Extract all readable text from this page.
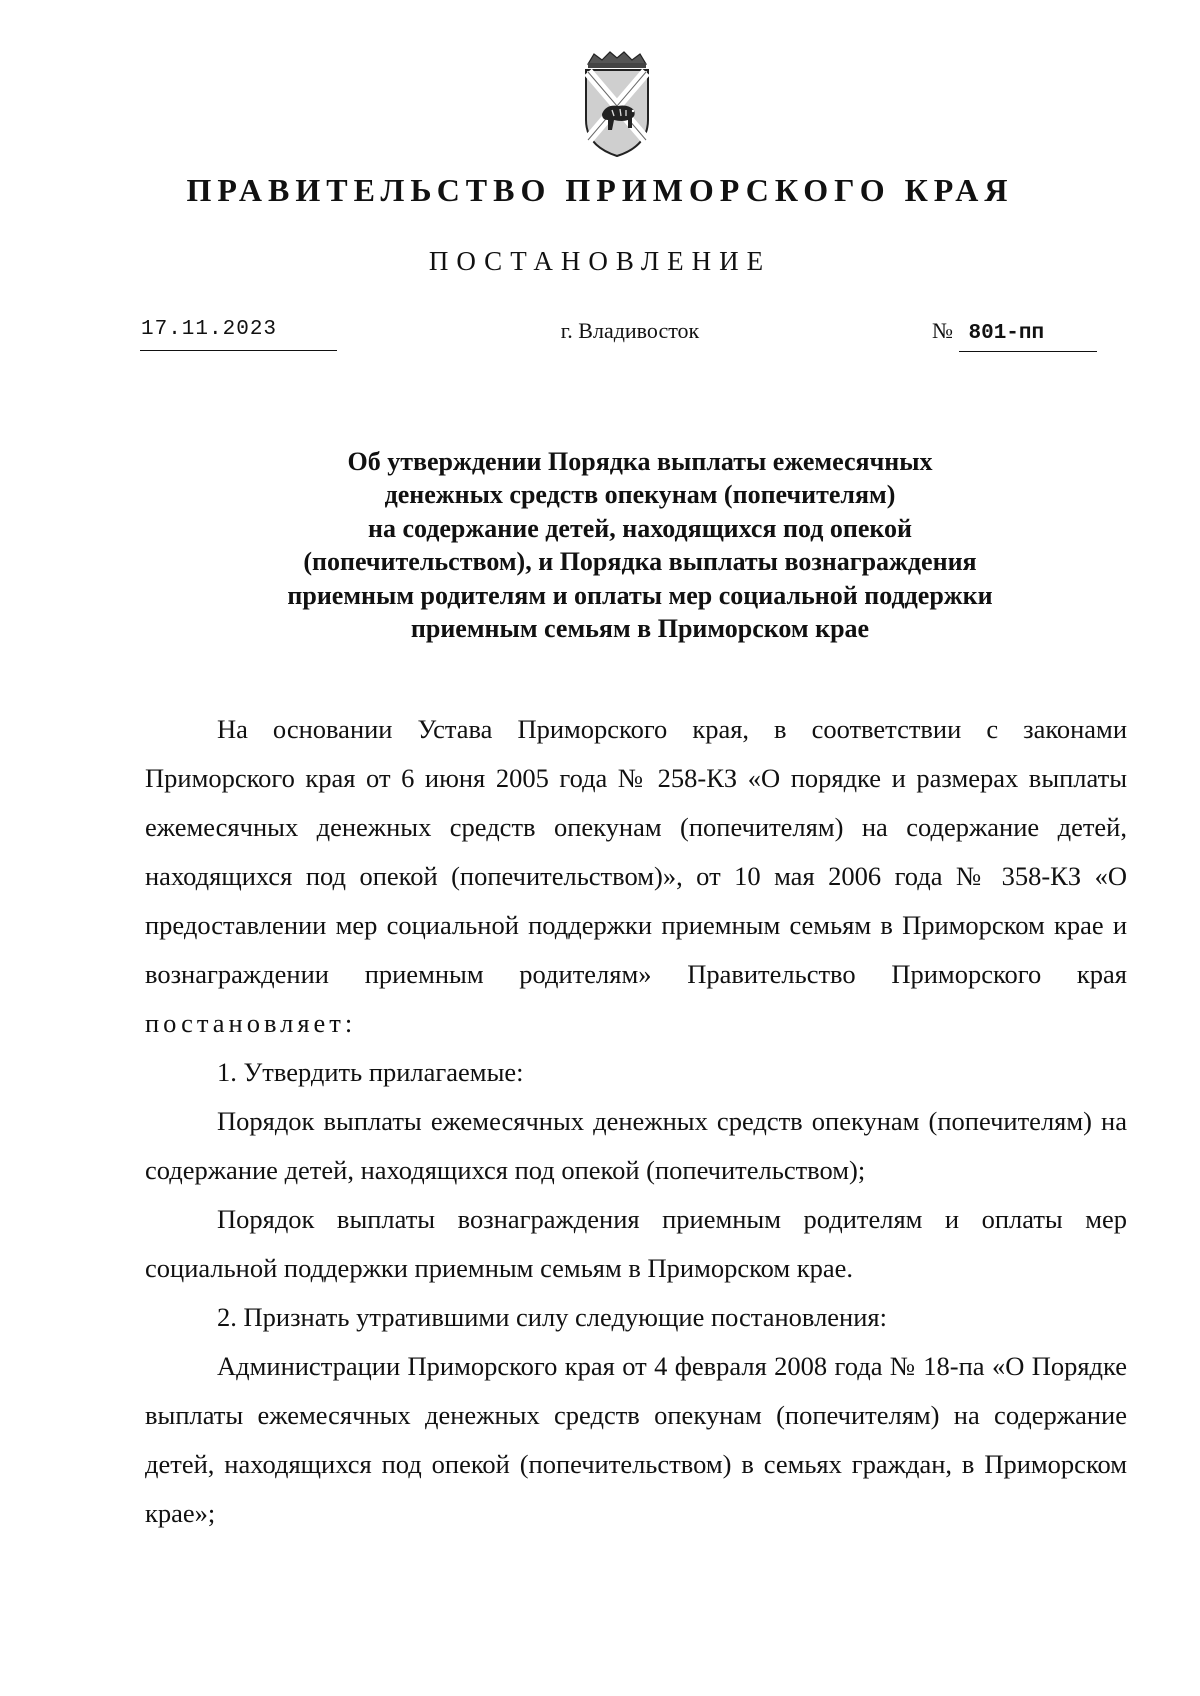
ПРАВИТЕЛЬСТВО ПРИМОРСКОГО КРАЯ
ПОСТАНОВЛЕНИЕ
17.11.2023	г. Владивосток	№ 801-пп
Об утверждении Порядка выплаты ежемесячных
денежных средств опекунам (попечителям)
на содержание детей, находящихся под опекой
(попечительством), и Порядка выплаты вознаграждения
приемным родителям и оплаты мер социальной поддержки
приемным семьям в Приморском крае

На основании Устава Приморского края, в соответствии с законами Приморского края от 6 июня 2005 года № 258-КЗ «О порядке и размерах выплаты ежемесячных денежных средств опекунам (попечителям) на содержание детей, находящихся под опекой (попечительством)», от 10 мая 2006 года № 358-КЗ «О предоставлении мер социальной поддержки приемным семьям в Приморском крае и вознаграждении приемным родителям» Правительство Приморского края постановляет:

1. Утвердить прилагаемые:

Порядок выплаты ежемесячных денежных средств опекунам (попечителям) на содержание детей, находящихся под опекой (попечительством);

Порядок выплаты вознаграждения приемным родителям и оплаты мер социальной поддержки приемным семьям в Приморском крае.

2. Признать утратившими силу следующие постановления:

Администрации Приморского края от 4 февраля 2008 года № 18-па «О Порядке выплаты ежемесячных денежных средств опекунам (попечителям) на содержание детей, находящихся под опекой (попечительством) в семьях граждан, в Приморском крае»;
